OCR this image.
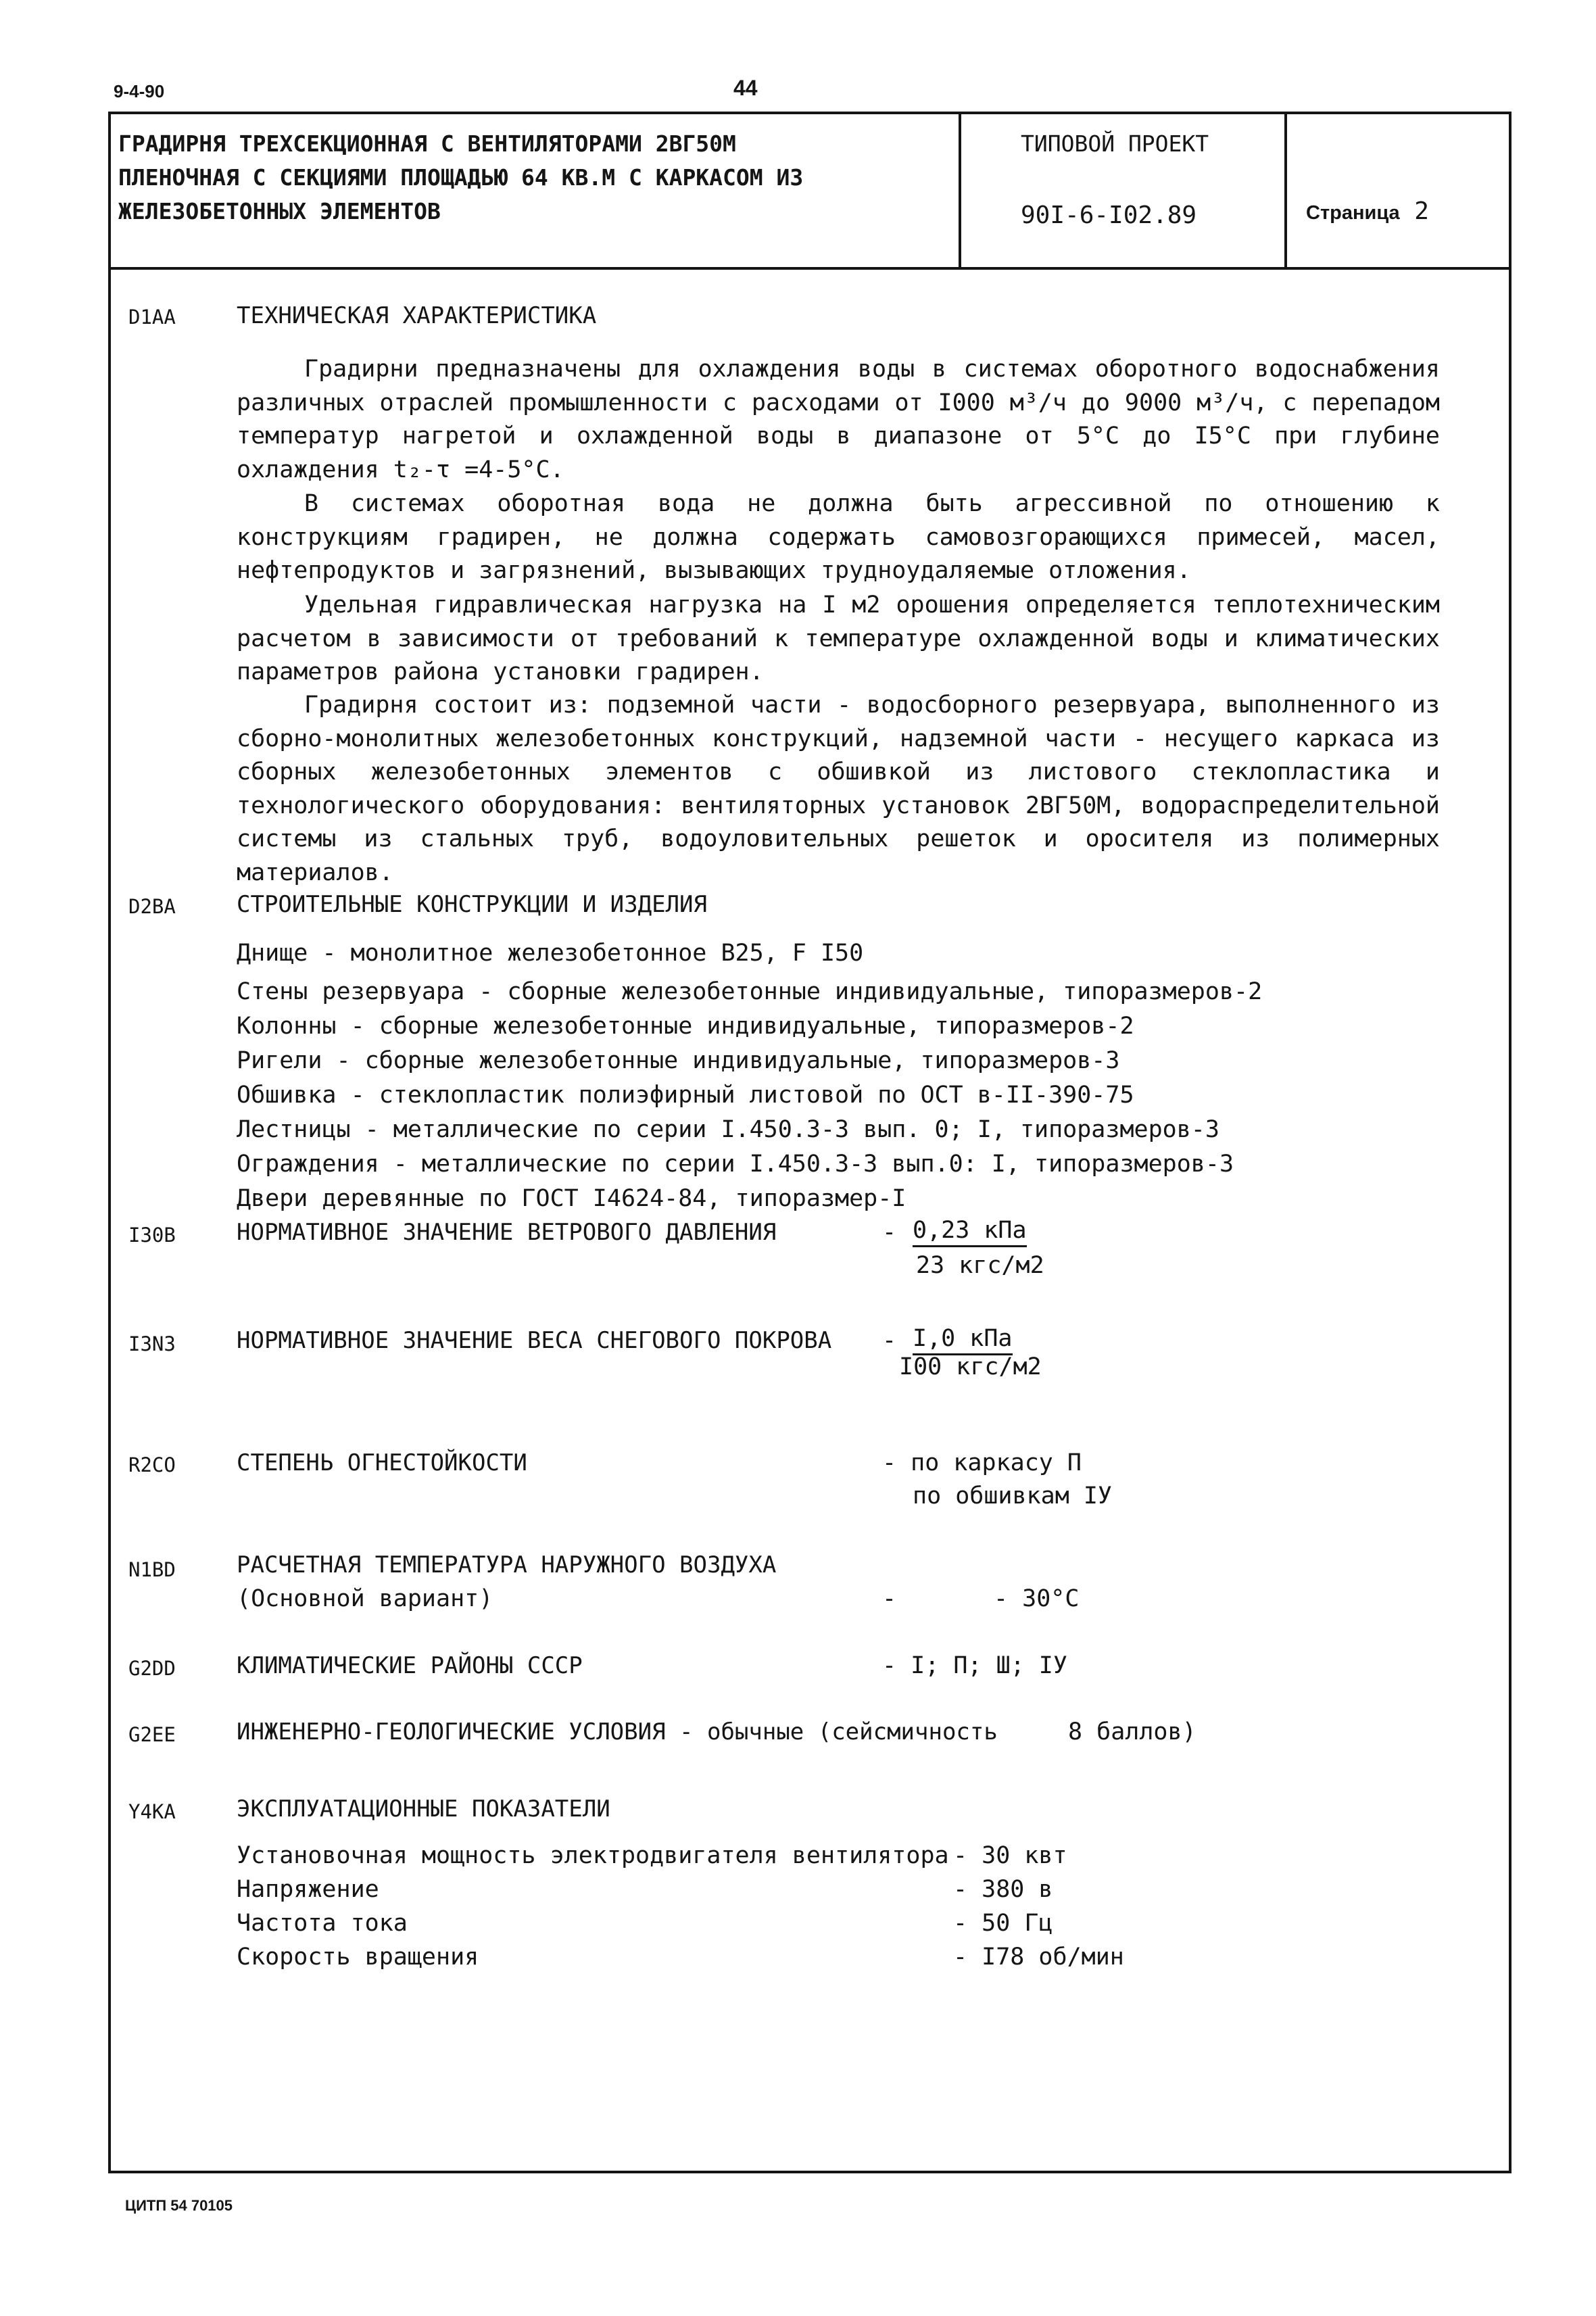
9-4-90	44
ГРАДИРНЯ ТРЕХСЕКЦИОННАЯ С ВЕНТИЛЯТОРАМИ 2ВГ50М
ПЛЕНОЧНАЯ С СЕКЦИЯМИ ПЛОЩАДЬЮ 64 КВ.М С КАРКАСОМ ИЗ
ЖЕЛЕЗОБЕТОННЫХ ЭЛЕМЕНТОВ
ТИПОВОЙ ПРОЕКТ
90I-6-I02.89	Страница 2
D1AA	ТЕХНИЧЕСКАЯ ХАРАКТЕРИСТИКА
Градирни предназначены для охлаждения воды в системах оборотного водоснабжения различных отраслей промышленности с расходами от I000 м³/ч до 9000 м³/ч, с перепадом температур нагретой и охлажденной воды в диапазоне от 5°С до I5°С при глубине охлаждения t₂-τ =4-5°С.
В системах оборотная вода не должна быть агрессивной по отношению к конструкциям градирен, не должна содержать самовозгорающихся примесей, масел, нефтепродуктов и загрязнений, вызывающих трудноудаляемые отложения.
Удельная гидравлическая нагрузка на I м2 орошения определяется теплотехническим расчетом в зависимости от требований к температуре охлажденной воды и климатических параметров района установки градирен.
Градирня состоит из: подземной части - водосборного резервуара, выполненного из сборно-монолитных железобетонных конструкций, надземной части - несущего каркаса из сборных железобетонных элементов с обшивкой из листового стеклопластика и технологического оборудования: вентиляторных установок 2ВГ50М, водораспределительной системы из стальных труб, водоуловительных решеток и оросителя из полимерных материалов.
D2BA	СТРОИТЕЛЬНЫЕ КОНСТРУКЦИИ И ИЗДЕЛИЯ
Днище - монолитное железобетонное В25, F I50
Стены резервуара - сборные железобетонные индивидуальные, типоразмеров-2
Колонны - сборные железобетонные индивидуальные, типоразмеров-2
Ригели - сборные железобетонные индивидуальные, типоразмеров-3
Обшивка - стеклопластик полиэфирный листовой по ОСТ в-II-390-75
Лестницы - металлические по серии I.450.3-3 вып. 0; I, типоразмеров-3
Ограждения - металлические по серии I.450.3-3 вып.0: I, типоразмеров-3
Двери деревянные по ГОСТ I4624-84, типоразмер-I
I30B	НОРМАТИВНОЕ ЗНАЧЕНИЕ ВЕТРОВОГО ДАВЛЕНИЯ	- 0,23 кПа
23 кгс/м2
I3N3	НОРМАТИВНОЕ ЗНАЧЕНИЕ ВЕСА СНЕГОВОГО ПОКРОВА - I,0 кПа
I00 кгс/м2
R2CO	СТЕПЕНЬ ОГНЕСТОЙКОСТИ	- по каркасу П
по обшивкам IУ
N1BD	РАСЧЕТНАЯ ТЕМПЕРАТУРА НАРУЖНОГО ВОЗДУХА
(Основной вариант)	-	- 30°С
G2DD	КЛИМАТИЧЕСКИЕ РАЙОНЫ СССР	- I; П; Ш; IУ
G2EE	ИНЖЕНЕРНО-ГЕОЛОГИЧЕСКИЕ УСЛОВИЯ - обычные (сейсмичность	8 баллов)
Y4KA	ЭКСПЛУАТАЦИОННЫЕ ПОКАЗАТЕЛИ
Установочная мощность электродвигателя вентилятора - 30 квт
Напряжение	- 380 в
Частота тока	- 50 Гц
Скорость вращения	- I78 об/мин
ЦИТП 54 70105
